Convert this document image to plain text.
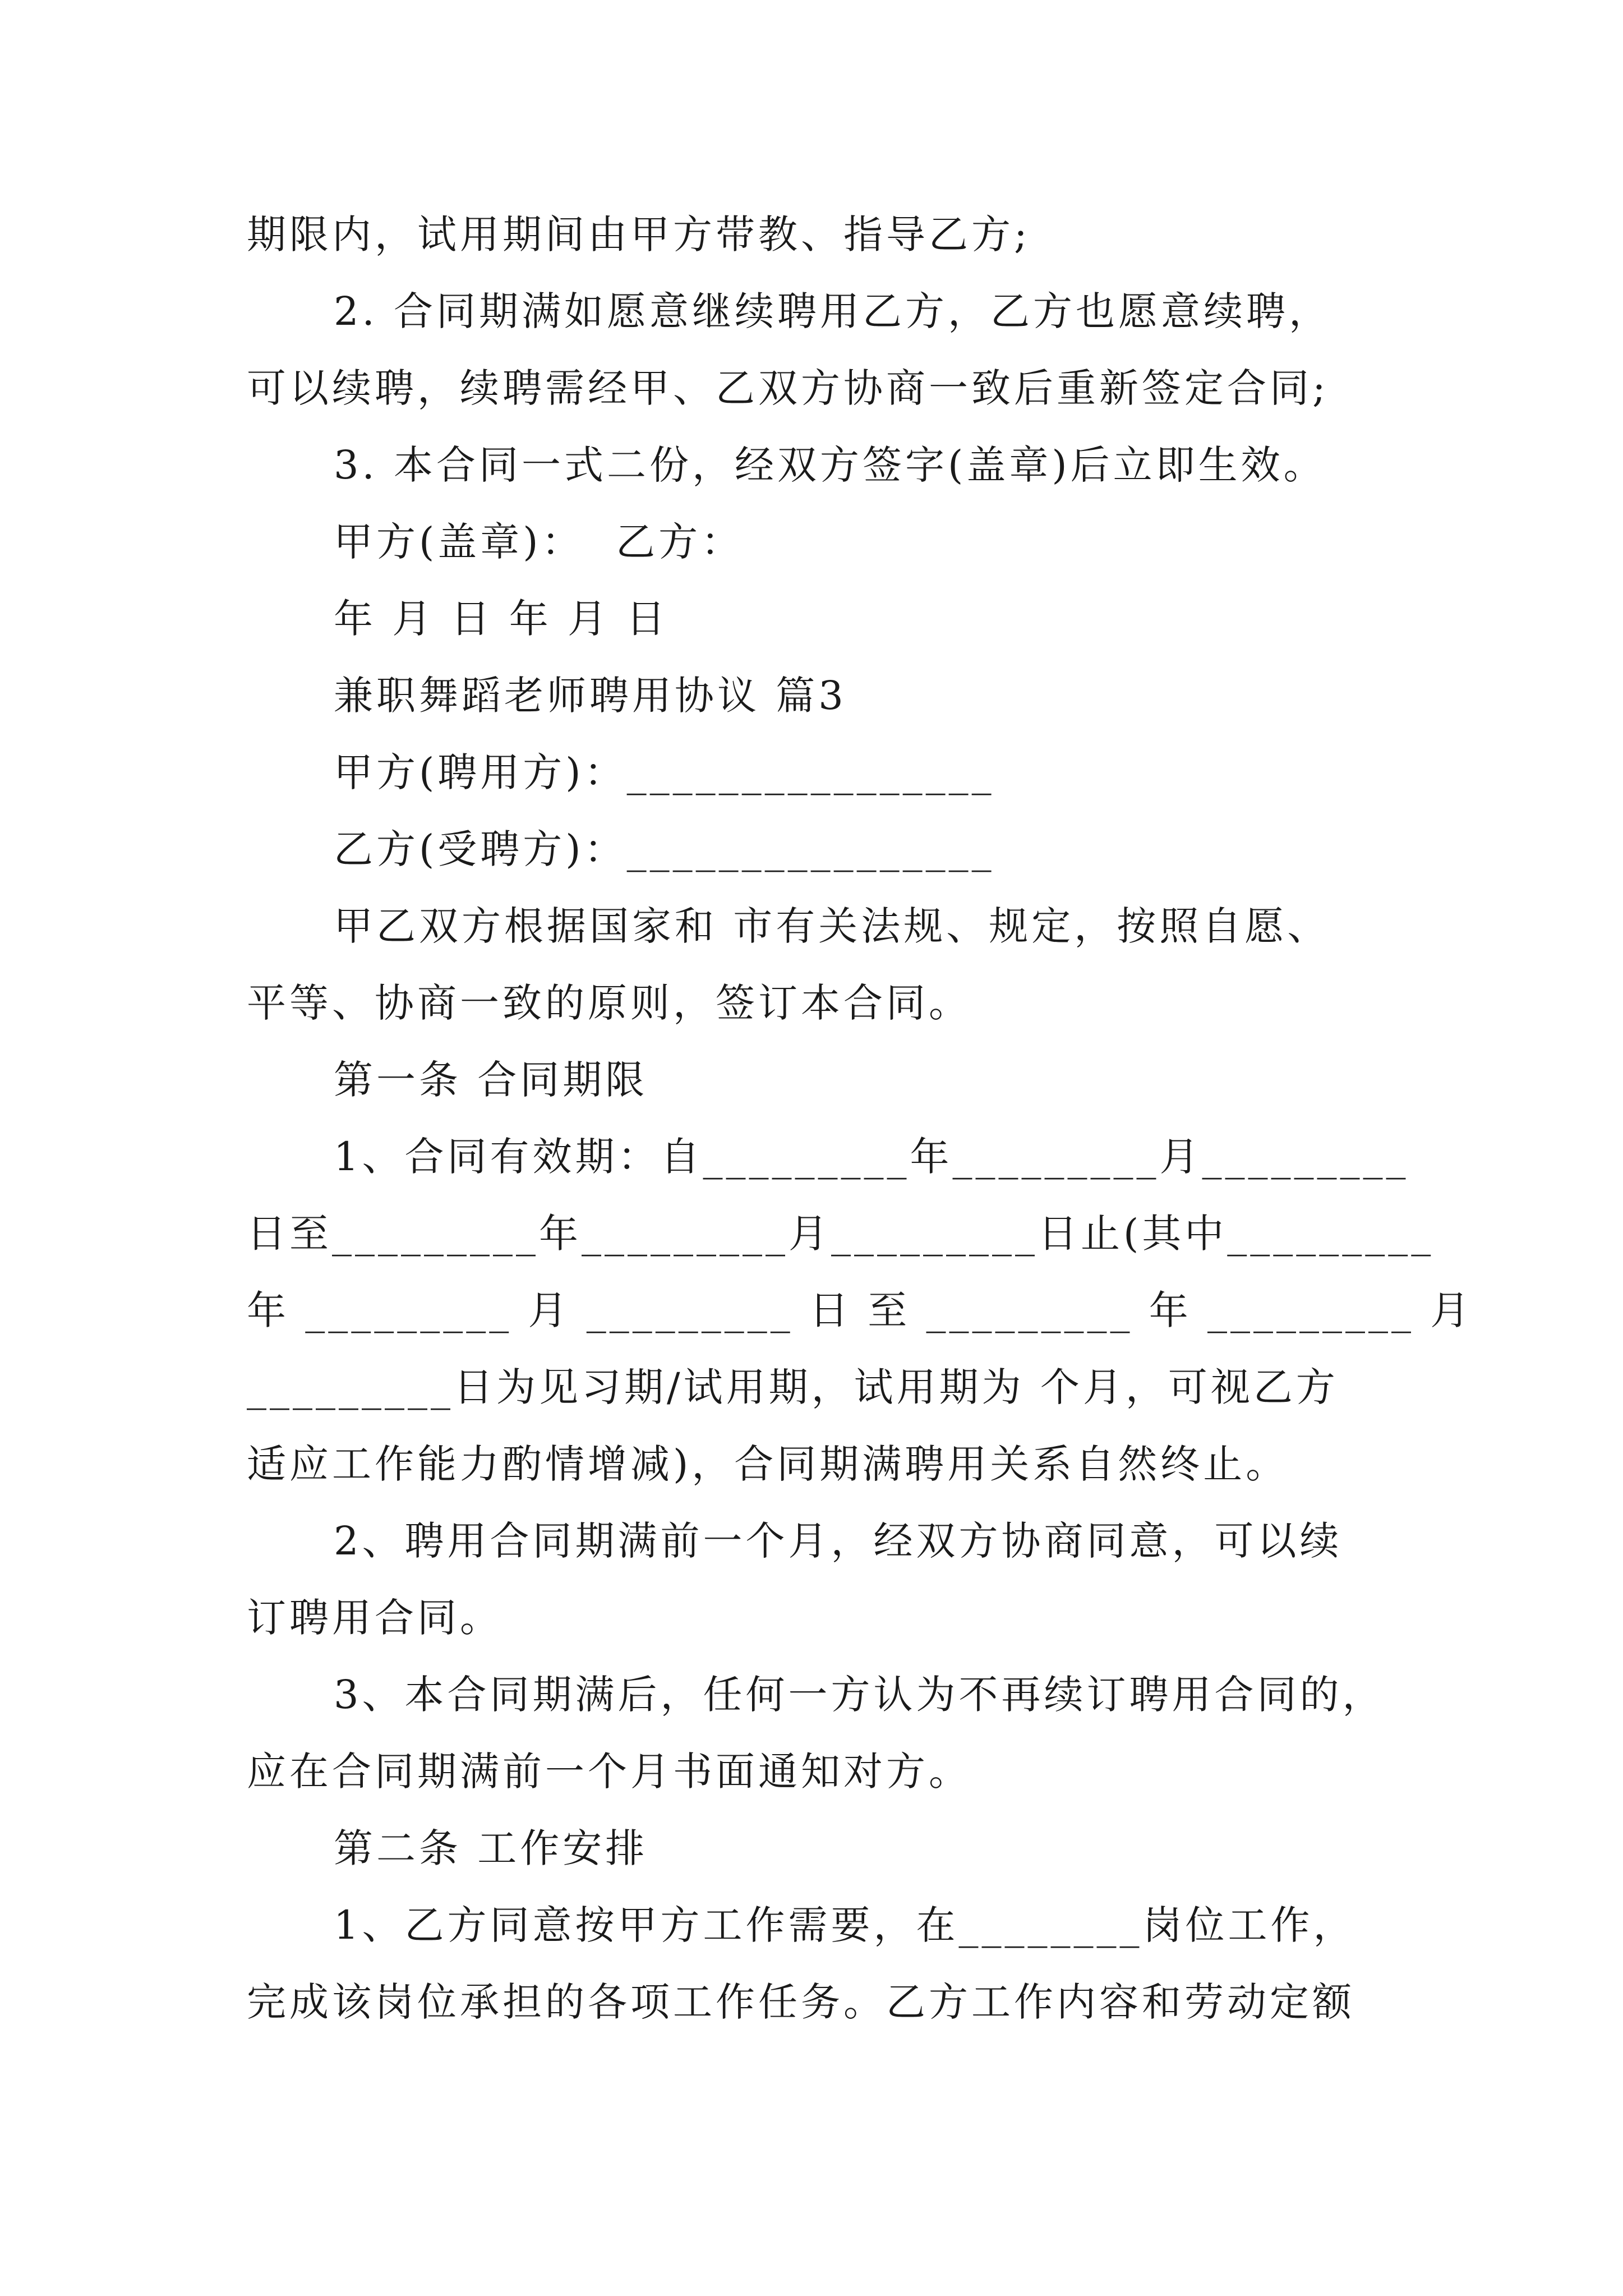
期限内，试用期间由甲方带教、指导乙方;
2. 合同期满如愿意继续聘用乙方，乙方也愿意续聘，
可以续聘，续聘需经甲、乙双方协商一致后重新签定合同;
3. 本合同一式二份，经双方签字(盖章)后立即生效。
甲方(盖章)：  乙方：
年 月 日 年 月 日
兼职舞蹈老师聘用协议 篇3
甲方(聘用方)：________________
乙方(受聘方)：________________
甲乙双方根据国家和 市有关法规、规定，按照自愿、
平等、协商一致的原则，签订本合同。
第一条 合同期限
1、合同有效期：自_________年_________月_________
日至_________年_________月_________日止(其中_________
年 _________ 月 _________ 日 至 _________ 年 _________ 月
_________日为见习期/试用期，试用期为 个月，可视乙方
适应工作能力酌情增减)，合同期满聘用关系自然终止。
2、聘用合同期满前一个月，经双方协商同意，可以续
订聘用合同。
3、本合同期满后，任何一方认为不再续订聘用合同的，
应在合同期满前一个月书面通知对方。
第二条 工作安排
1、乙方同意按甲方工作需要，在________岗位工作，
完成该岗位承担的各项工作任务。乙方工作内容和劳动定额
